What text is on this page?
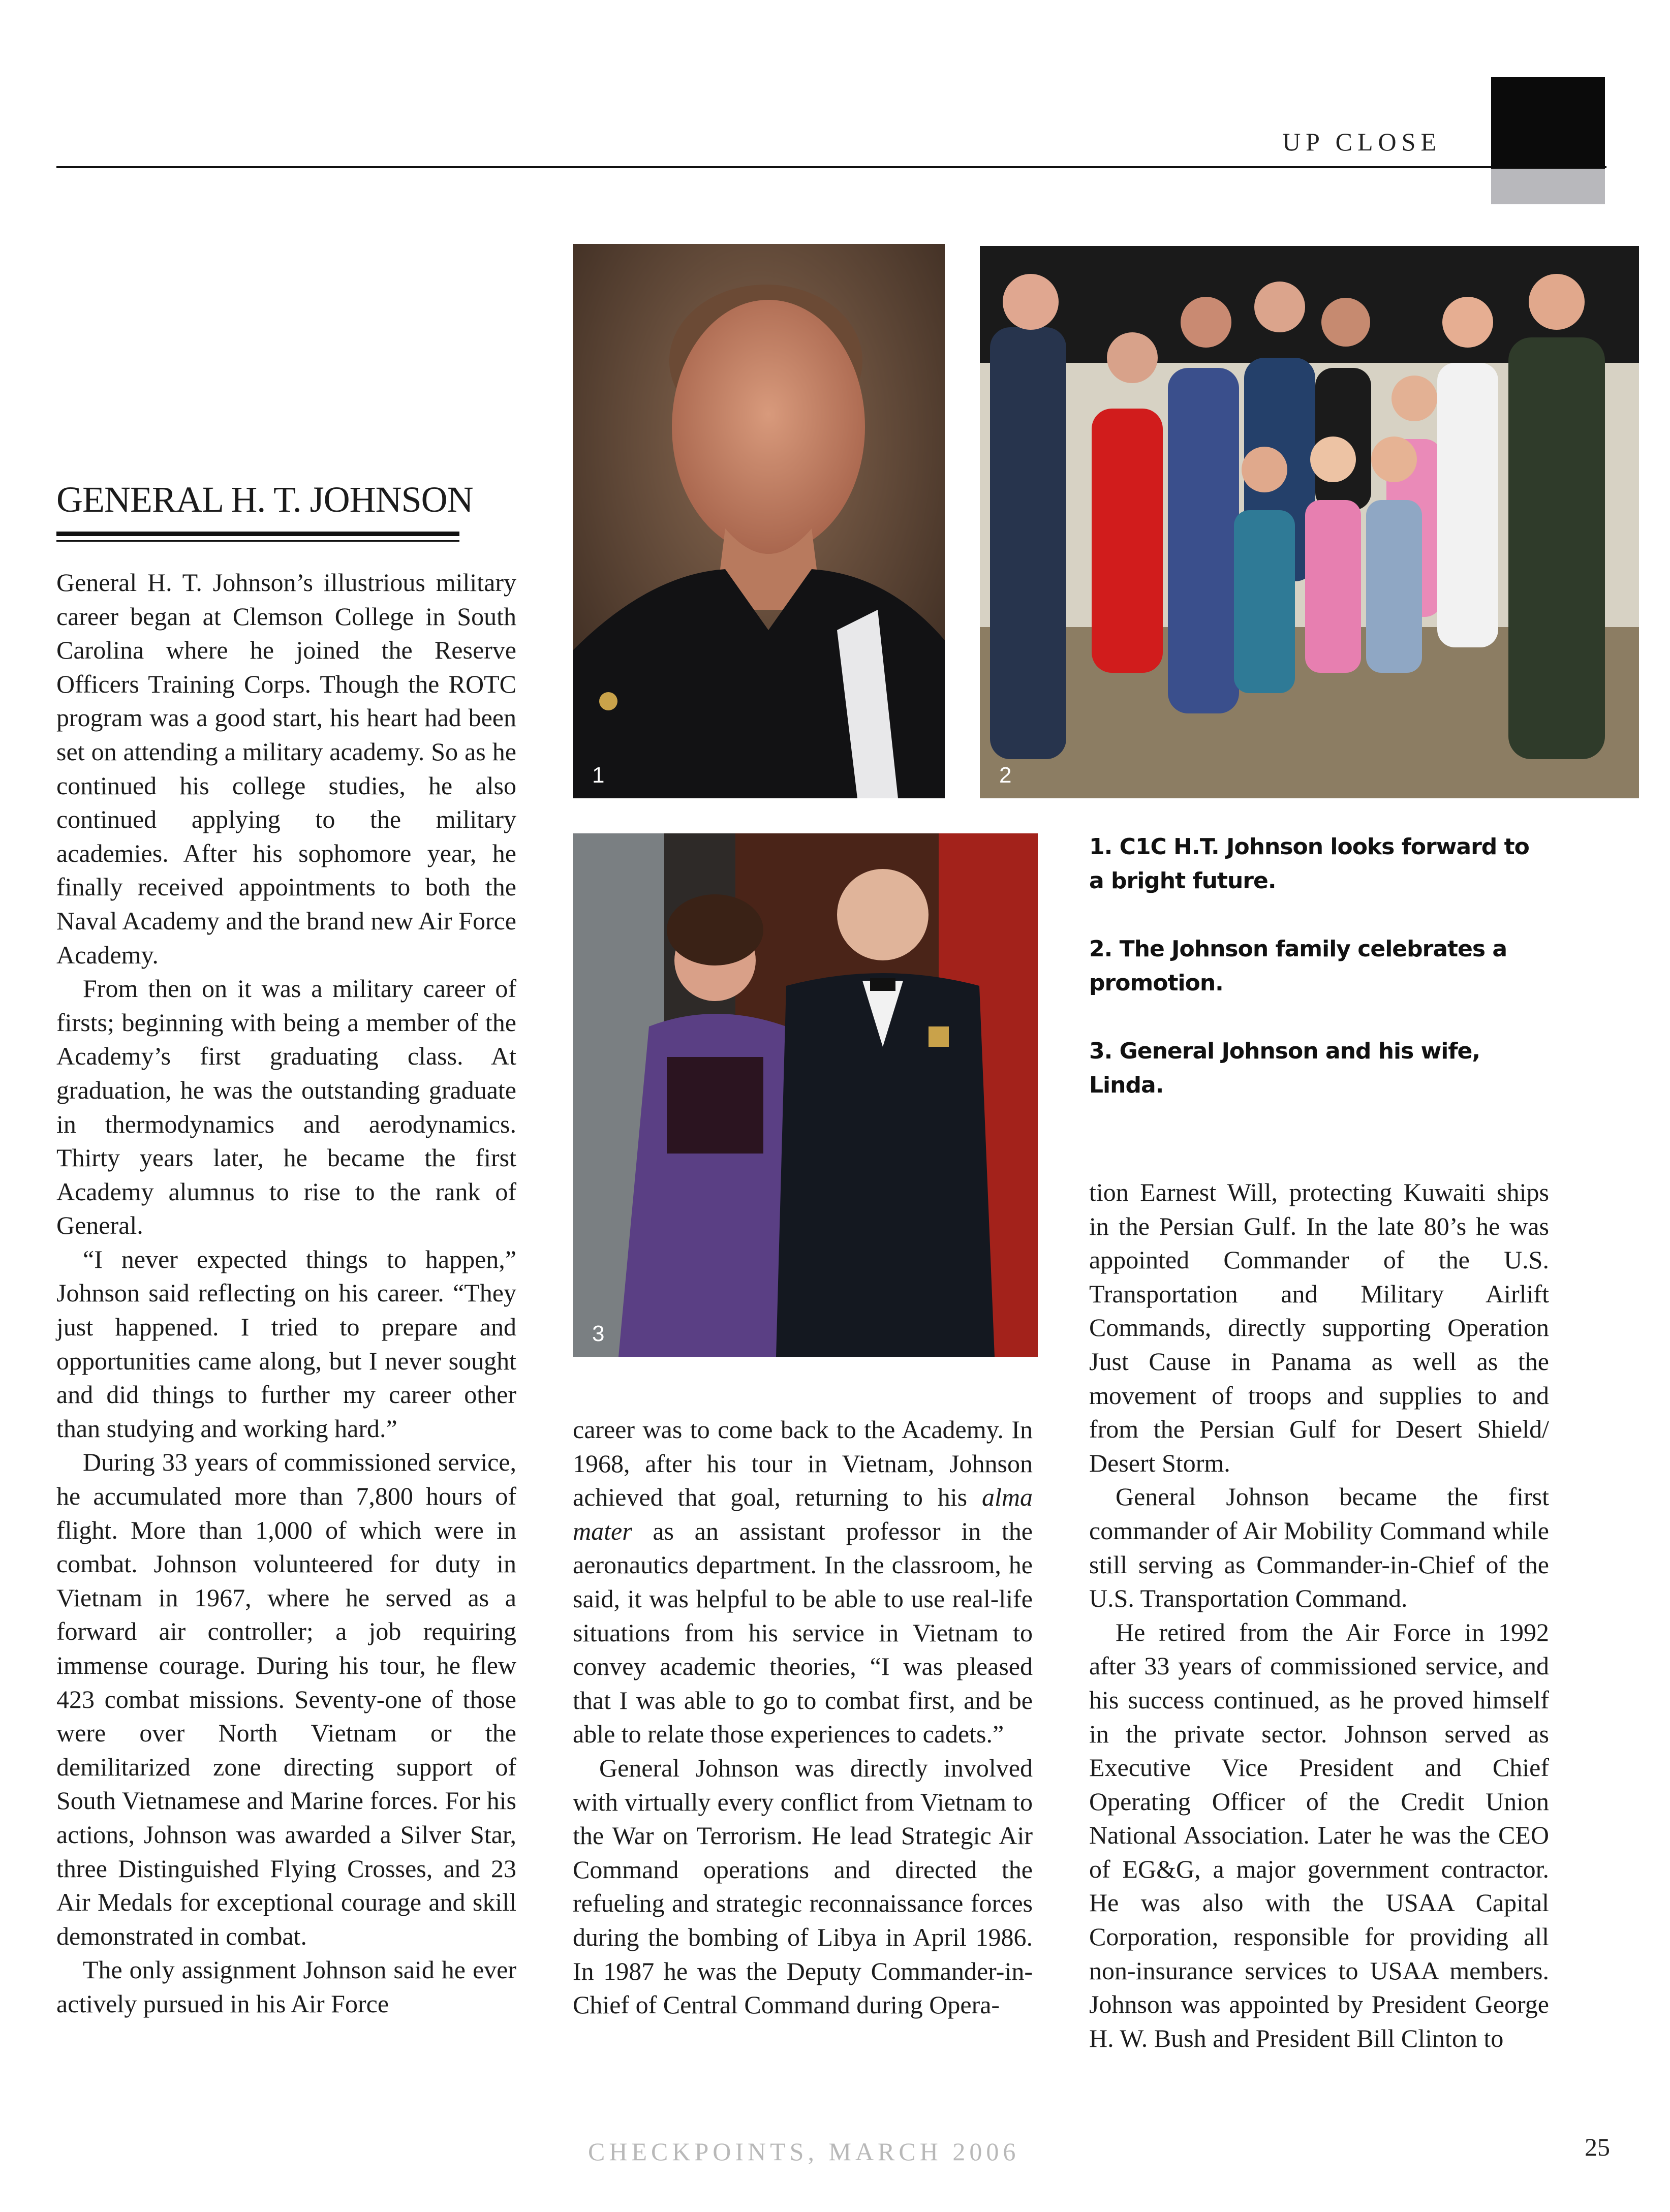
UP CLOSE
GENERAL H. T. JOHNSON

General H. T. Johnson’s illustrious military career began at Clemson College in South Carolina where he joined the Reserve Officers Training Corps. Though the ROTC program was a good start, his heart had been set on attending a military academy. So as he continued his college studies, he also continued applying to the military academies. After his sophomore year, he finally received appointments to both the Naval Academy and the brand new Air Force Academy.

From then on it was a military career of firsts; beginning with being a member of the Academy’s first graduating class. At graduation, he was the outstanding graduate in thermodynamics and aerodynamics. Thirty years later, he became the first Academy alumnus to rise to the rank of General.

“I never expected things to happen,” Johnson said reflecting on his career. “They just happened. I tried to prepare and opportunities came along, but I never sought and did things to further my career other than studying and working hard.”

During 33 years of commissioned service, he accumulated more than 7,800 hours of flight. More than 1,000 of which were in combat. Johnson volunteered for duty in Vietnam in 1967, where he served as a forward air controller; a job requiring immense courage. During his tour, he flew 423 combat missions. Seventy-one of those were over North Vietnam or the demilitarized zone directing support of South Vietnamese and Marine forces. For his actions, Johnson was awarded a Silver Star, three Distinguished Flying Crosses, and 23 Air Medals for exceptional courage and skill demonstrated in combat.

The only assignment Johnson said he ever actively pursued in his Air Force

1	2
3

1. C1C H.T. Johnson looks forward to a bright future.

2. The Johnson family celebrates a promotion.

3. General Johnson and his wife, Linda.

career was to come back to the Academy. In 1968, after his tour in Vietnam, Johnson achieved that goal, returning to his alma mater as an assistant professor in the aeronautics department. In the classroom, he said, it was helpful to be able to use real-life situations from his service in Vietnam to convey academic theories, “I was pleased that I was able to go to combat first, and be able to relate those experiences to cadets.”

General Johnson was directly involved with virtually every conflict from Vietnam to the War on Terrorism. He lead Strategic Air Command operations and directed the refueling and strategic reconnaissance forces during the bombing of Libya in April 1986. In 1987 he was the Deputy Commander-in-Chief of Central Command during Opera-

tion Earnest Will, protecting Kuwaiti ships in the Persian Gulf. In the late 80’s he was appointed Commander of the U.S. Transportation and Military Airlift Commands, directly supporting Operation Just Cause in Panama as well as the movement of troops and supplies to and from the Persian Gulf for Desert Shield/ Desert Storm.

General Johnson became the first commander of Air Mobility Command while still serving as Commander-in-Chief of the U.S. Transportation Command.

He retired from the Air Force in 1992 after 33 years of commissioned service, and his success continued, as he proved himself in the private sector. Johnson served as Executive Vice President and Chief Operating Officer of the Credit Union National Association. Later he was the CEO of EG&G, a major government contractor. He was also with the USAA Capital Corporation, responsible for providing all non-insurance services to USAA members. Johnson was appointed by President George H. W. Bush and President Bill Clinton to

CHECKPOINTS, MARCH 2006	25
